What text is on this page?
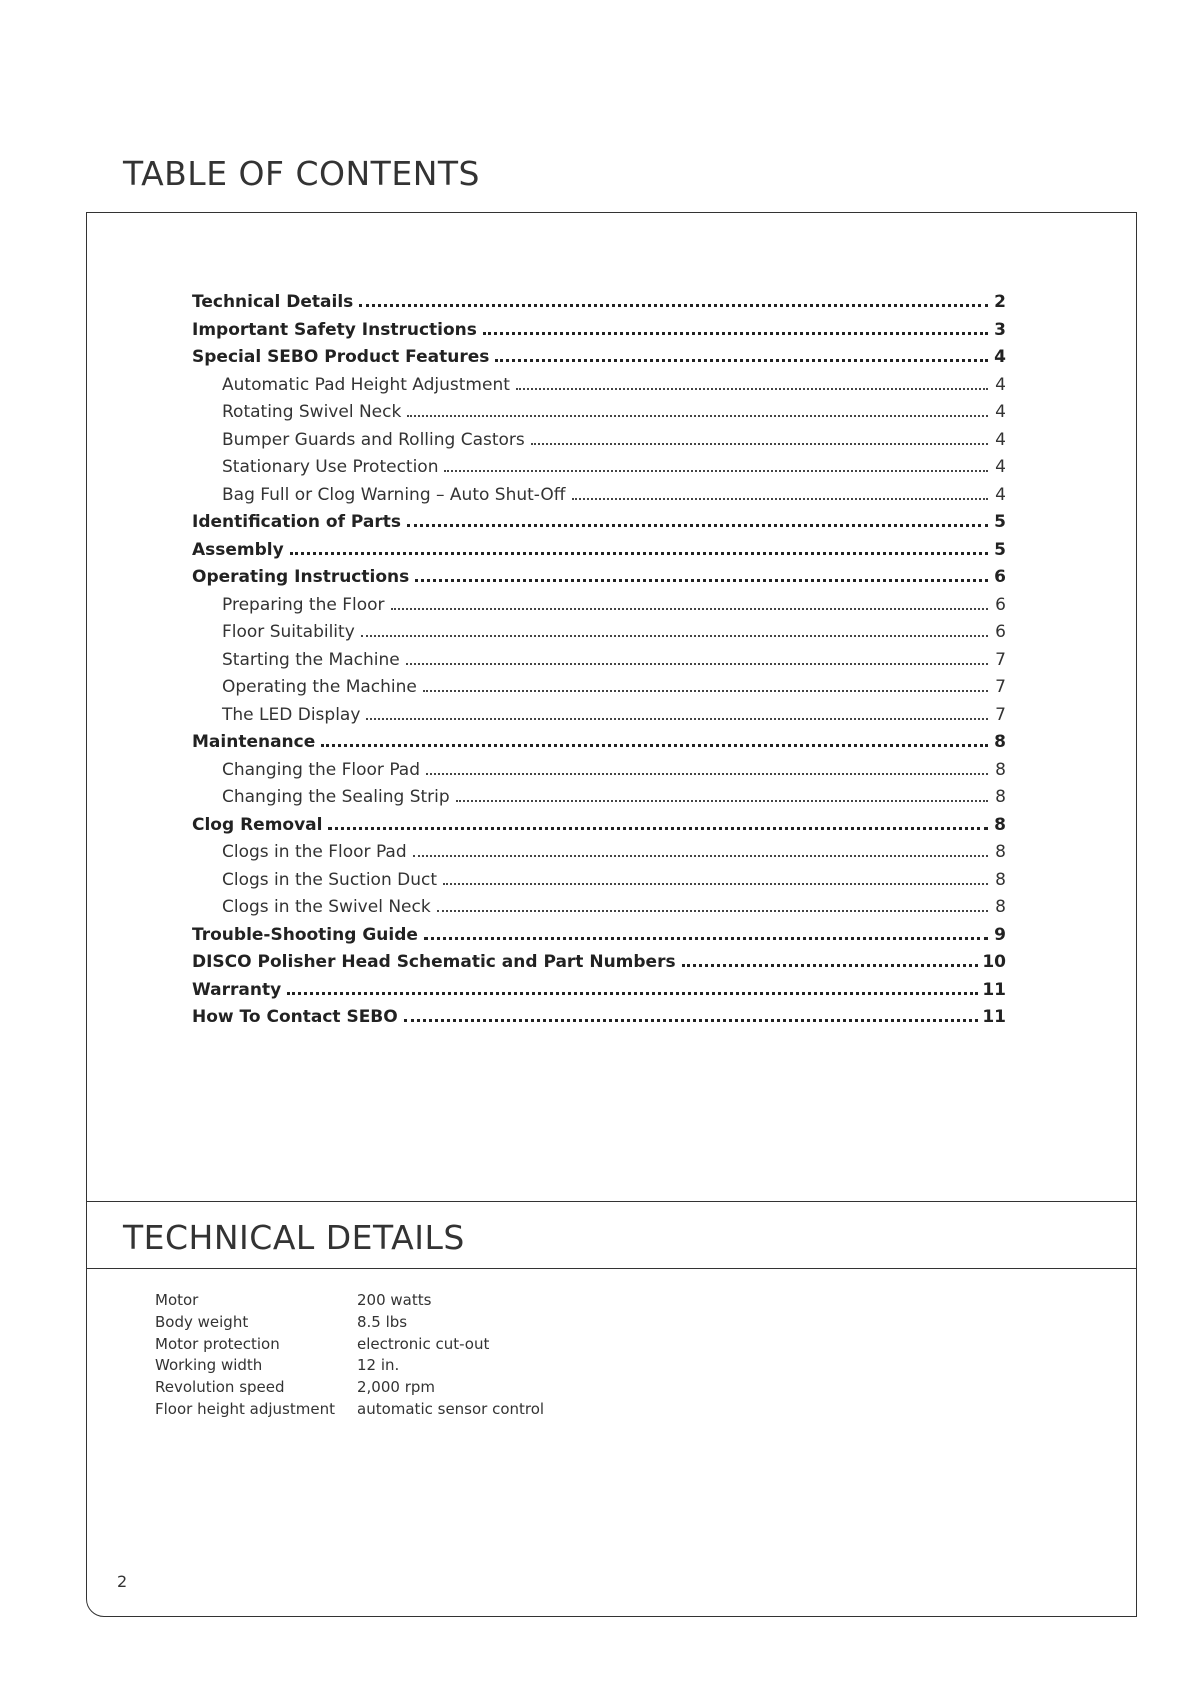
TABLE OF CONTENTS
Technical Details	2
Important Safety Instructions	3
Special SEBO Product Features	4
Automatic Pad Height Adjustment	4
Rotating Swivel Neck	4
Bumper Guards and Rolling Castors	4
Stationary Use Protection	4
Bag Full or Clog Warning – Auto Shut-Off	4
Identification of Parts	5
Assembly	5
Operating Instructions	6
Preparing the Floor	6
Floor Suitability	6
Starting the Machine	7
Operating the Machine	7
The LED Display	7
Maintenance	8
Changing the Floor Pad	8
Changing the Sealing Strip	8
Clog Removal	8
Clogs in the Floor Pad	8
Clogs in the Suction Duct	8
Clogs in the Swivel Neck	8
Trouble-Shooting Guide	9
DISCO Polisher Head Schematic and Part Numbers	10
Warranty	11
How To Contact SEBO	11
TECHNICAL DETAILS
Motor	200 watts
Body weight	8.5 lbs
Motor protection	electronic cut-out
Working width	12 in.
Revolution speed	2,000 rpm
Floor height adjustment	automatic sensor control
2
